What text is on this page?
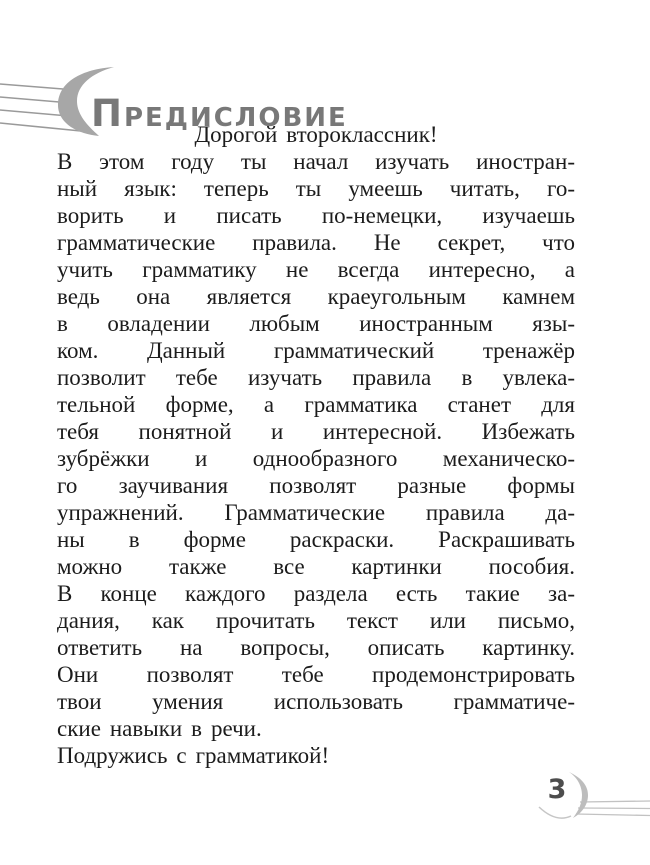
ПРЕДИСЛОВИЕ
Дорогой второклассник!
В этом году ты начал изучать иностран-
ный язык: теперь ты умеешь читать, го-
ворить и писать по-немецки, изучаешь
грамматические правила. Не секрет, что
учить грамматику не всегда интересно, а
ведь она является краеугольным камнем
в овладении любым иностранным язы-
ком. Данный грамматический тренажёр
позволит тебе изучать правила в увлека-
тельной форме, а грамматика станет для
тебя понятной и интересной. Избежать
зубрёжки и однообразного механическо-
го заучивания позволят разные формы
упражнений. Грамматические правила да-
ны в форме раскраски. Раскрашивать
можно также все картинки пособия.
В конце каждого раздела есть такие за-
дания, как прочитать текст или письмо,
ответить на вопросы, описать картинку.
Они позволят тебе продемонстрировать
твои умения использовать грамматиче-
ские навыки в речи.
Подружись с грамматикой!
3
